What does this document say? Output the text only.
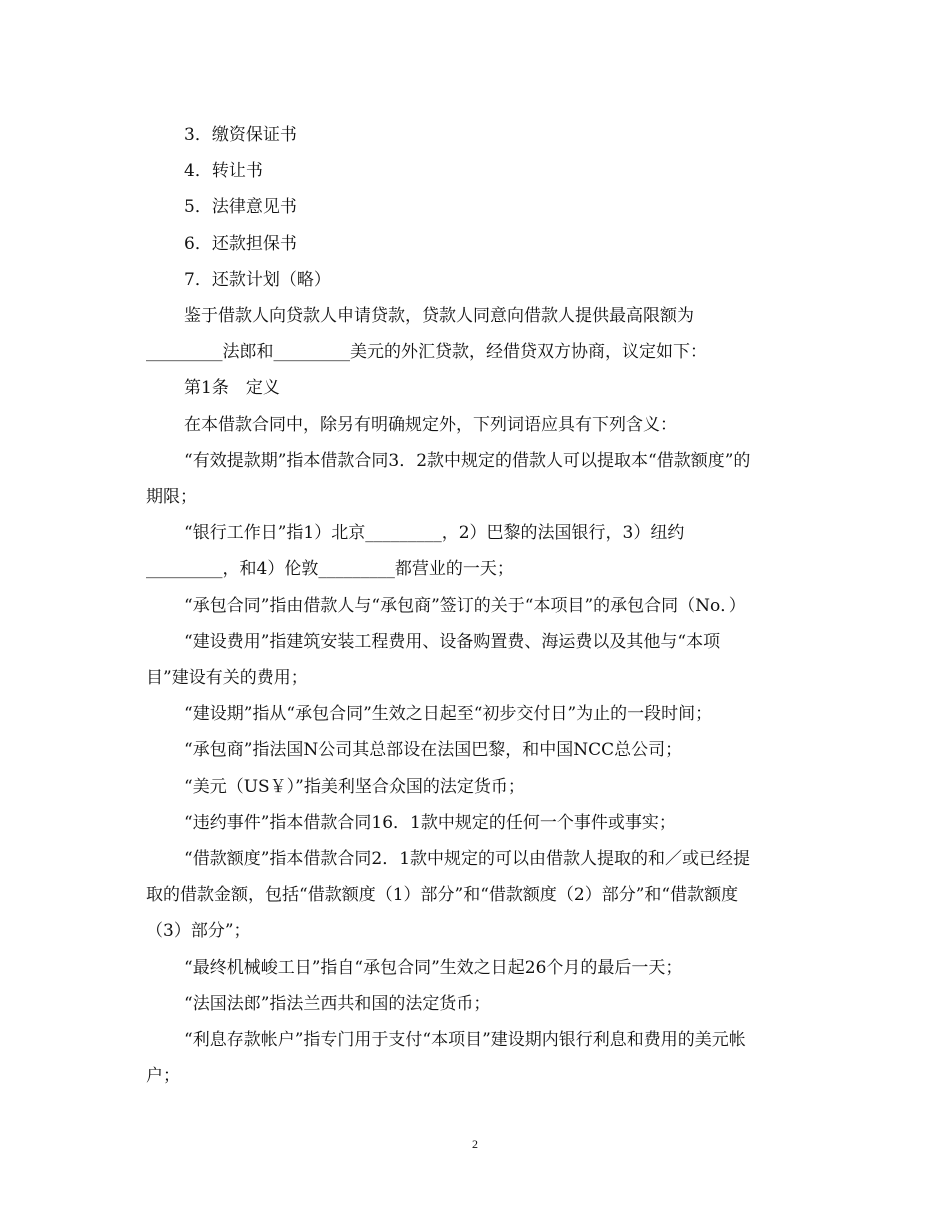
3．缴资保证书

4．转让书

5．法律意见书

6．还款担保书

7．还款计划（略）

鉴于借款人向贷款人申请贷款，贷款人同意向借款人提供最高限额为

_________法郎和_________美元的外汇贷款，经借贷双方协商，议定如下：

第1条　定义

在本借款合同中，除另有明确规定外，下列词语应具有下列含义：

“有效提款期”指本借款合同3．2款中规定的借款人可以提取本“借款额度”的

期限；

“银行工作日”指1）北京_________，2）巴黎的法国银行，3）纽约

_________，和4）伦敦_________都营业的一天；

“承包合同”指由借款人与“承包商”签订的关于“本项目”的承包合同（No．）

“建设费用”指建筑安装工程费用、设备购置费、海运费以及其他与“本项

目”建设有关的费用；

“建设期”指从“承包合同”生效之日起至“初步交付日”为止的一段时间；

“承包商”指法国N公司其总部设在法国巴黎，和中国NCC总公司；

“美元（US￥）”指美利坚合众国的法定货币；

“违约事件”指本借款合同16．1款中规定的任何一个事件或事实；

“借款额度”指本借款合同2．1款中规定的可以由借款人提取的和／或已经提

取的借款金额，包括“借款额度（1）部分”和“借款额度（2）部分”和“借款额度

（3）部分”；

“最终机械峻工日”指自“承包合同”生效之日起26个月的最后一天；

“法国法郎”指法兰西共和国的法定货币；

“利息存款帐户”指专门用于支付“本项目”建设期内银行利息和费用的美元帐

户；

2
